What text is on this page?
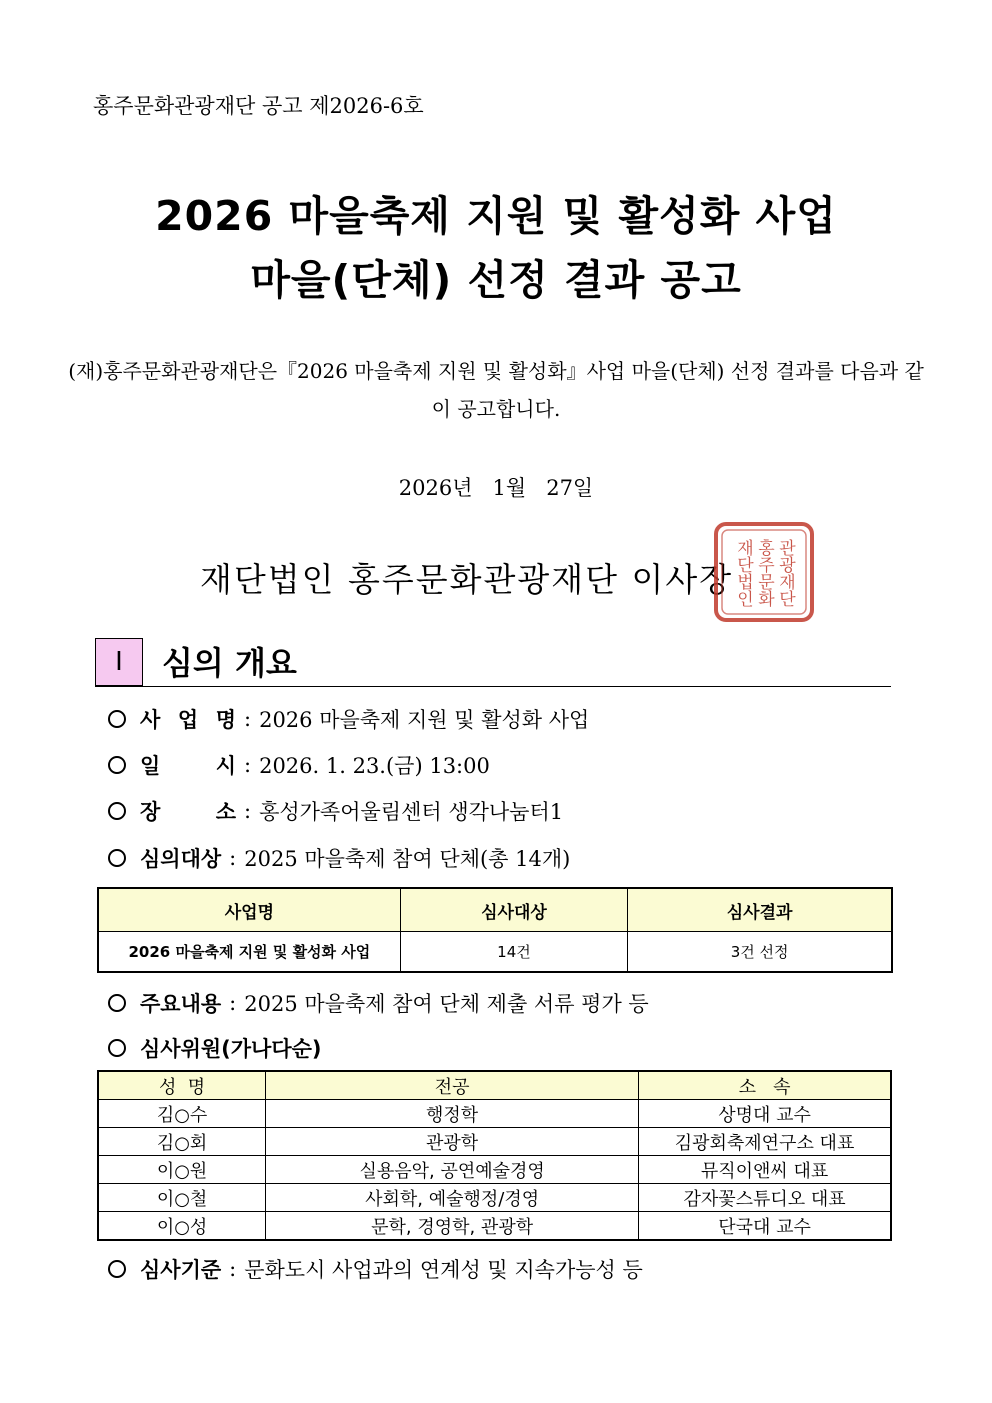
홍주문화관광재단 공고 제2026-6호
2026 마을축제 지원 및 활성화 사업
마을(단체) 선정 결과 공고
(재)홍주문화관광재단은『2026 마을축제 지원 및 활성화』사업 마을(단체) 선정 결과를 다음과 같이 공고합니다.
2026년   1월   27일
재단법인 홍주문화관광재단 이사장 재단법인 홍주문화 관광재단
Ⅰ	심의 개요
사 업 명 : 2026 마을축제 지원 및 활성화 사업
일	시 : 2026. 1. 23.(금) 13:00
장	소 : 홍성가족어울림센터 생각나눔터1
심의대상 : 2025 마을축제 참여 단체(총 14개)
사업명	심사대상	심사결과
2026 마을축제 지원 및 활성화 사업	14건	3건 선정
주요내용 : 2025 마을축제 참여 단체 제출 서류 평가 등
심사위원(가나다순)
성  명	전공	소   속
김○수	행정학	상명대 교수
김○회	관광학	김광회축제연구소 대표
이○원	실용음악, 공연예술경영	뮤직이앤씨 대표
이○철	사회학, 예술행정/경영	감자꽃스튜디오 대표
이○성	문학, 경영학, 관광학	단국대 교수
심사기준 : 문화도시 사업과의 연계성 및 지속가능성 등
